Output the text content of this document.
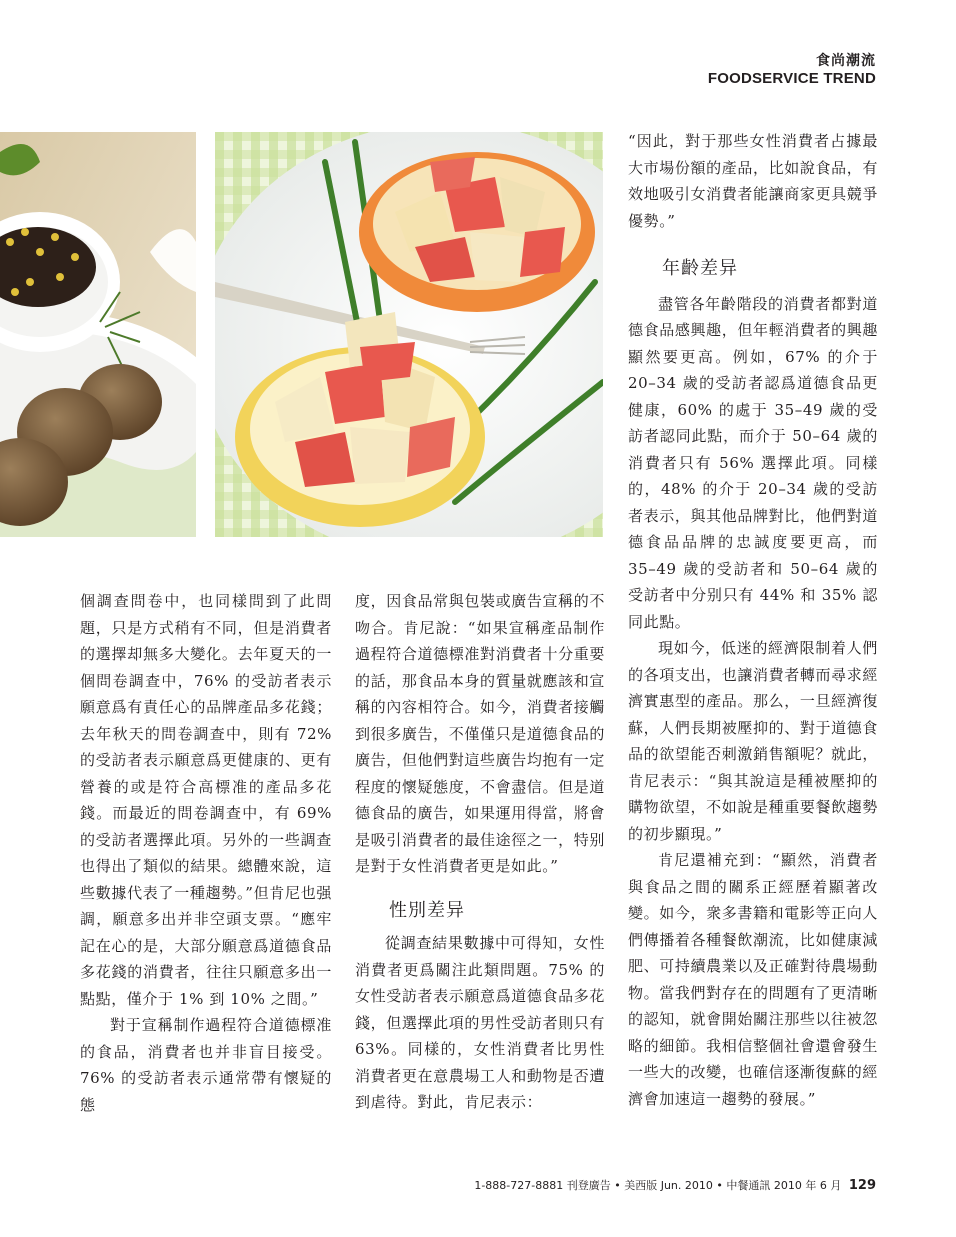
食尚潮流
FOODSERVICE TREND

個調查問卷中，也同樣問到了此問題，只是方式稍有不同，但是消費者的選擇却無多大變化。去年夏天的一個問卷調查中，76% 的受訪者表示願意爲有責任心的品牌產品多花錢；去年秋天的問卷調查中，則有 72% 的受訪者表示願意爲更健康的、更有營養的或是符合高標准的產品多花錢。而最近的問卷調查中，有 69% 的受訪者選擇此項。另外的一些調查也得出了類似的結果。總體來說，這些數據代表了一種趨勢。”但肯尼也强調，願意多出并非空頭支票。“應牢記在心的是，大部分願意爲道德食品多花錢的消費者，往往只願意多出一點點，僅介于 1% 到 10% 之間。”

對于宣稱制作過程符合道德標准的食品，消費者也并非盲目接受。76% 的受訪者表示通常帶有懷疑的態

度，因食品常與包裝或廣告宣稱的不吻合。肯尼說：“如果宣稱產品制作過程符合道德標准對消費者十分重要的話，那食品本身的質量就應該和宣稱的內容相符合。如今，消費者接觸到很多廣告，不僅僅只是道德食品的廣告，但他們對這些廣告均抱有一定程度的懷疑態度，不會盡信。但是道德食品的廣告，如果運用得當，將會是吸引消費者的最佳途徑之一，特别是對于女性消費者更是如此。”

性別差异

從調查結果數據中可得知，女性消費者更爲關注此類問題。75% 的女性受訪者表示願意爲道德食品多花錢，但選擇此項的男性受訪者則只有 63%。同樣的，女性消費者比男性消費者更在意農場工人和動物是否遭到虐待。對此，肯尼表示：

“因此，對于那些女性消費者占據最大市場份額的產品，比如說食品，有效地吸引女消費者能讓商家更具競爭優勢。”

年齡差异

盡管各年齡階段的消費者都對道德食品感興趣，但年輕消費者的興趣顯然要更高。例如，67% 的介于 20–34 歲的受訪者認爲道德食品更健康，60% 的處于 35–49 歲的受訪者認同此點，而介于 50–64 歲的消費者只有 56% 選擇此項。同樣的，48% 的介于 20–34 歲的受訪者表示，與其他品牌對比，他們對道德食品品牌的忠誠度要更高，而 35–49 歲的受訪者和 50–64 歲的受訪者中分别只有 44% 和 35% 認同此點。

現如今，低迷的經濟限制着人們的各項支出，也讓消費者轉而尋求經濟實惠型的產品。那么，一旦經濟復蘇，人們長期被壓抑的、對于道德食品的欲望能否刺激銷售額呢？就此，肯尼表示：“與其說這是種被壓抑的購物欲望，不如說是種重要餐飲趨勢的初步顯現。”

肯尼還補充到：“顯然，消費者與食品之間的關系正經歷着顯著改變。如今，衆多書籍和電影等正向人們傳播着各種餐飲潮流，比如健康減肥、可持續農業以及正確對待農場動物。當我們對存在的問題有了更清晰的認知，就會開始關注那些以往被忽略的細節。我相信整個社會還會發生一些大的改變，也確信逐漸復蘇的經濟會加速這一趨勢的發展。”

1-888-727-8881 刊登廣告 • 美西版 Jun. 2010 • 中餐通訊 2010 年 6 月 129
